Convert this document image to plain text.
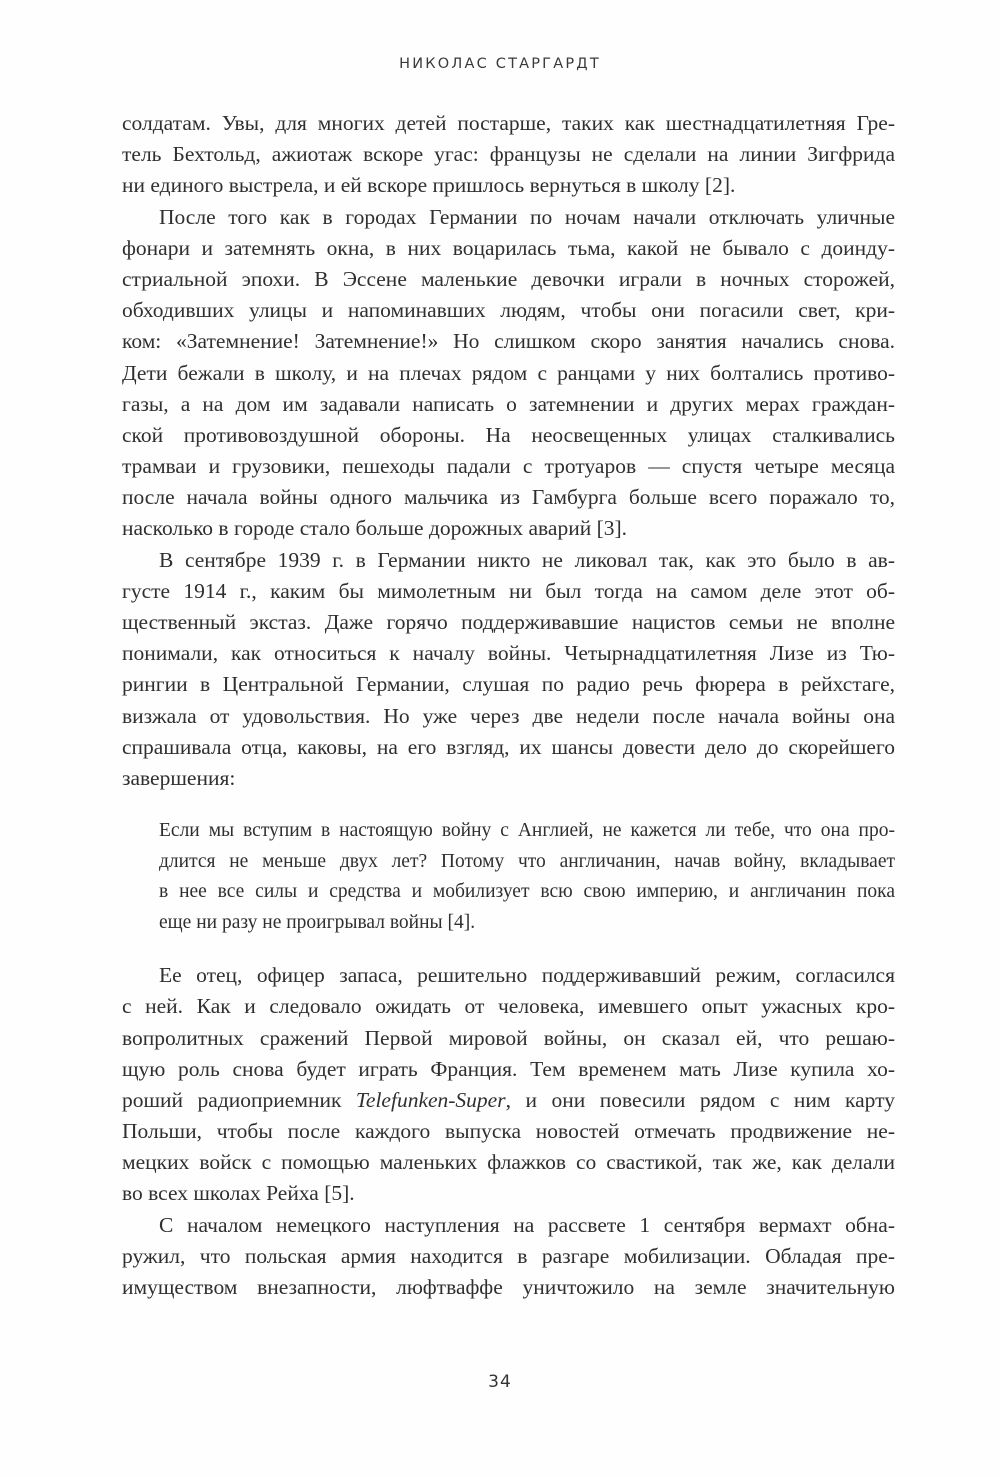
НИКОЛАС СТАРГАРДТ
солдатам. Увы, для многих детей постарше, таких как шестнадцатилетняя Гре-
тель Бехтольд, ажиотаж вскоре угас: французы не сделали на линии Зигфрида
ни единого выстрела, и ей вскоре пришлось вернуться в школу [2].
После того как в городах Германии по ночам начали отключать уличные
фонари и затемнять окна, в них воцарилась тьма, какой не бывало с доинду-
стриальной эпохи. В Эссене маленькие девочки играли в ночных сторожей,
обходивших улицы и напоминавших людям, чтобы они погасили свет, кри-
ком: «Затемнение! Затемнение!» Но слишком скоро занятия начались снова.
Дети бежали в школу, и на плечах рядом с ранцами у них болтались противо-
газы, а на дом им задавали написать о затемнении и других мерах граждан-
ской противовоздушной обороны. На неосвещенных улицах сталкивались
трамваи и грузовики, пешеходы падали с тротуаров — спустя четыре месяца
после начала войны одного мальчика из Гамбурга больше всего поражало то,
насколько в городе стало больше дорожных аварий [3].
В сентябре 1939 г. в Германии никто не ликовал так, как это было в ав-
густе 1914 г., каким бы мимолетным ни был тогда на самом деле этот об-
щественный экстаз. Даже горячо поддерживавшие нацистов семьи не вполне
понимали, как относиться к началу войны. Четырнадцатилетняя Лизе из Тю-
рингии в Центральной Германии, слушая по радио речь фюрера в рейхстаге,
визжала от удовольствия. Но уже через две недели после начала войны она
спрашивала отца, каковы, на его взгляд, их шансы довести дело до скорейшего
завершения:
Если мы вступим в настоящую войну с Англией, не кажется ли тебе, что она про-
длится не меньше двух лет? Потому что англичанин, начав войну, вкладывает
в нее все силы и средства и мобилизует всю свою империю, и англичанин пока
еще ни разу не проигрывал войны [4].
Ее отец, офицер запаса, решительно поддерживавший режим, согласился
с ней. Как и следовало ожидать от человека, имевшего опыт ужасных кро-
вопролитных сражений Первой мировой войны, он сказал ей, что решаю-
щую роль снова будет играть Франция. Тем временем мать Лизе купила хо-
роший радиоприемник Telefunken-Super, и они повесили рядом с ним карту
Польши, чтобы после каждого выпуска новостей отмечать продвижение не-
мецких войск с помощью маленьких флажков со свастикой, так же, как делали
во всех школах Рейха [5].
С началом немецкого наступления на рассвете 1 сентября вермахт обна-
ружил, что польская армия находится в разгаре мобилизации. Обладая пре-
имуществом внезапности, люфтваффе уничтожило на земле значительную
34
